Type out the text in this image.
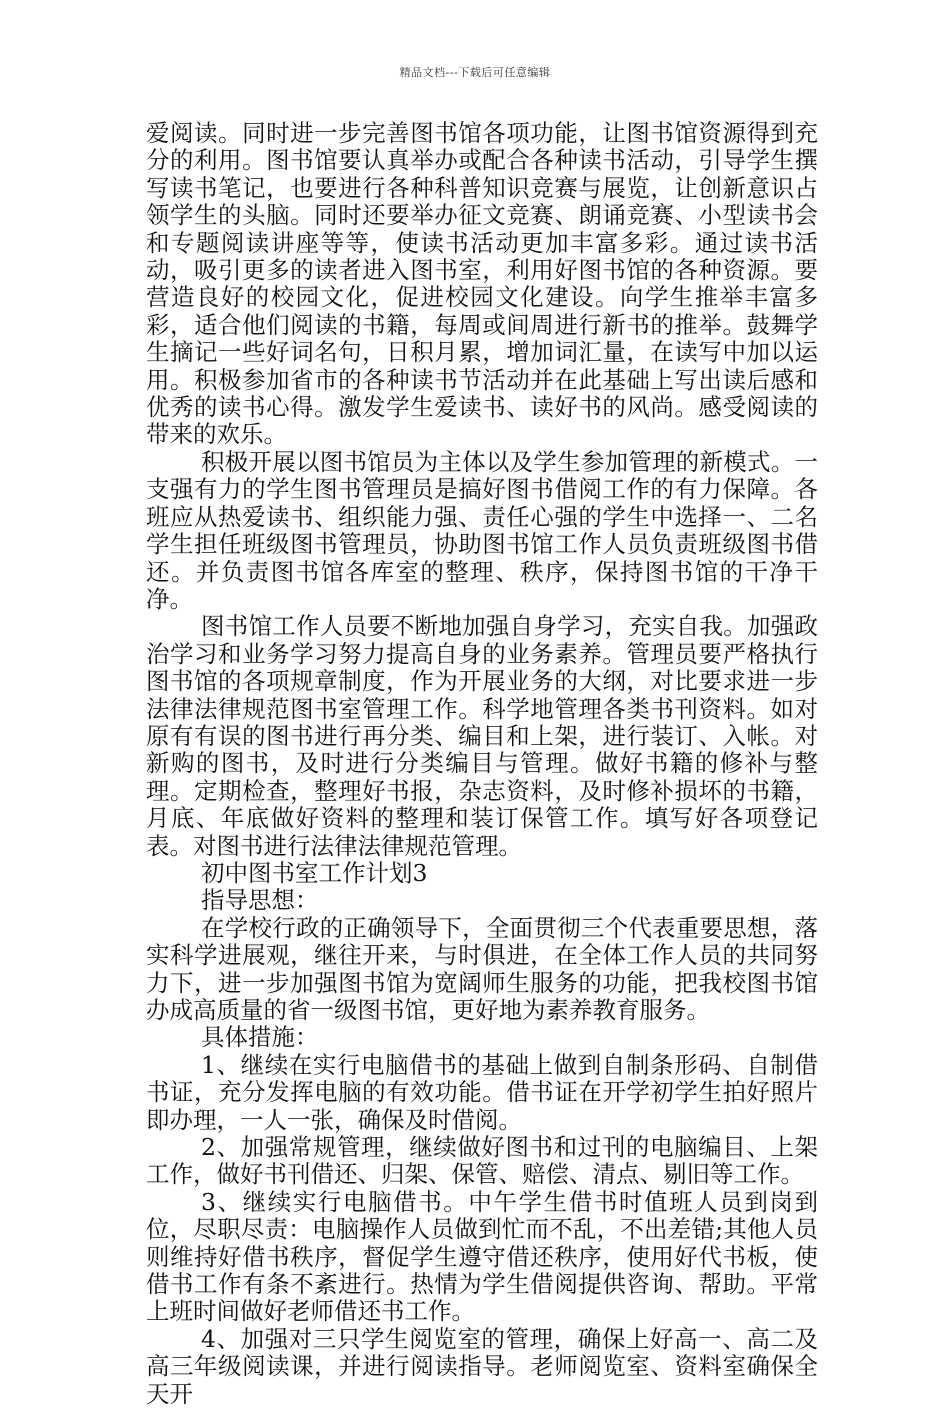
精品文档---下载后可任意编辑

爱阅读。同时进一步完善图书馆各项功能，让图书馆资源得到充分的利用。图书馆要认真举办或配合各种读书活动，引导学生撰写读书笔记，也要进行各种科普知识竞赛与展览，让创新意识占领学生的头脑。同时还要举办征文竞赛、朗诵竞赛、小型读书会和专题阅读讲座等等，使读书活动更加丰富多彩。通过读书活动，吸引更多的读者进入图书室，利用好图书馆的各种资源。要营造良好的校园文化，促进校园文化建设。向学生推举丰富多彩，适合他们阅读的书籍，每周或间周进行新书的推举。鼓舞学生摘记一些好词名句，日积月累，增加词汇量，在读写中加以运用。积极参加省市的各种读书节活动并在此基础上写出读后感和优秀的读书心得。激发学生爱读书、读好书的风尚。感受阅读的带来的欢乐。

积极开展以图书馆员为主体以及学生参加管理的新模式。一支强有力的学生图书管理员是搞好图书借阅工作的有力保障。各班应从热爱读书、组织能力强、责任心强的学生中选择一、二名学生担任班级图书管理员，协助图书馆工作人员负责班级图书借还。并负责图书馆各库室的整理、秩序，保持图书馆的干净干净。

图书馆工作人员要不断地加强自身学习，充实自我。加强政治学习和业务学习努力提高自身的业务素养。管理员要严格执行图书馆的各项规章制度，作为开展业务的大纲，对比要求进一步法律法律规范图书室管理工作。科学地管理各类书刊资料。如对原有有误的图书进行再分类、编目和上架，进行装订、入帐。对新购的图书，及时进行分类编目与管理。做好书籍的修补与整理。定期检查，整理好书报，杂志资料，及时修补损坏的书籍，月底、年底做好资料的整理和装订保管工作。填写好各项登记表。对图书进行法律法律规范管理。

初中图书室工作计划3

指导思想：

在学校行政的正确领导下，全面贯彻三个代表重要思想，落实科学进展观，继往开来，与时俱进，在全体工作人员的共同努力下，进一步加强图书馆为宽阔师生服务的功能，把我校图书馆办成高质量的省一级图书馆，更好地为素养教育服务。

具体措施：

1、继续在实行电脑借书的基础上做到自制条形码、自制借书证，充分发挥电脑的有效功能。借书证在开学初学生拍好照片即办理，一人一张，确保及时借阅。

2、加强常规管理，继续做好图书和过刊的电脑编目、上架工作，做好书刊借还、归架、保管、赔偿、清点、剔旧等工作。

3、继续实行电脑借书。中午学生借书时值班人员到岗到位，尽职尽责：电脑操作人员做到忙而不乱，不出差错;其他人员则维持好借书秩序，督促学生遵守借还秩序，使用好代书板，使借书工作有条不紊进行。热情为学生借阅提供咨询、帮助。平常上班时间做好老师借还书工作。

4、加强对三只学生阅览室的管理，确保上好高一、高二及高三年级阅读课，并进行阅读指导。老师阅览室、资料室确保全天开
